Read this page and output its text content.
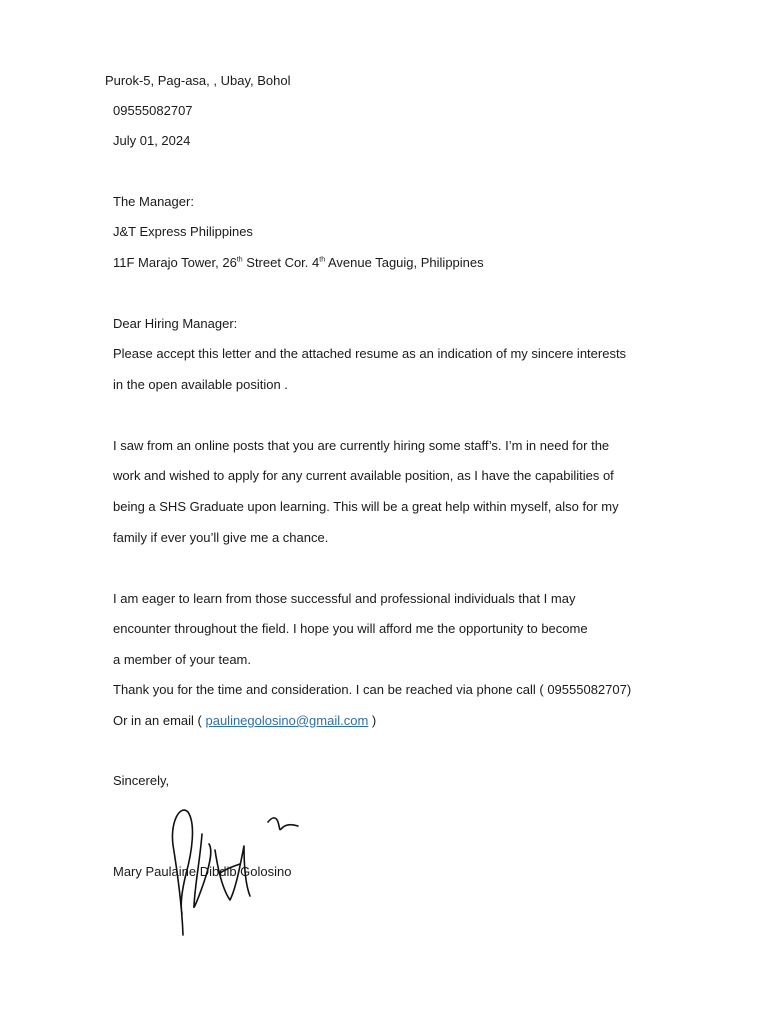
Purok-5, Pag-asa, , Ubay, Bohol
09555082707
July 01, 2024
The Manager:
J&T Express Philippines
11F Marajo Tower, 26th Street Cor. 4th Avenue Taguig, Philippines
Dear Hiring Manager:
Please accept this letter and the attached resume as an indication of my sincere interests
in the open available position .
I saw from an online posts that you are currently hiring some staff’s. I’m in need for the
work and wished to apply for any current available position, as I have the capabilities of
being a SHS Graduate upon learning. This will be a great help within myself, also for my
family if ever you’ll give me a chance.
I am eager to learn from those successful and professional individuals that I may
encounter throughout the field. I hope you will afford me the opportunity to become
a member of your team.
Thank you for the time and consideration. I can be reached via phone call ( 09555082707)
Or in an email ( paulinegolosino@gmail.com )
Sincerely,
Mary Paulaine Dibdib Golosino
